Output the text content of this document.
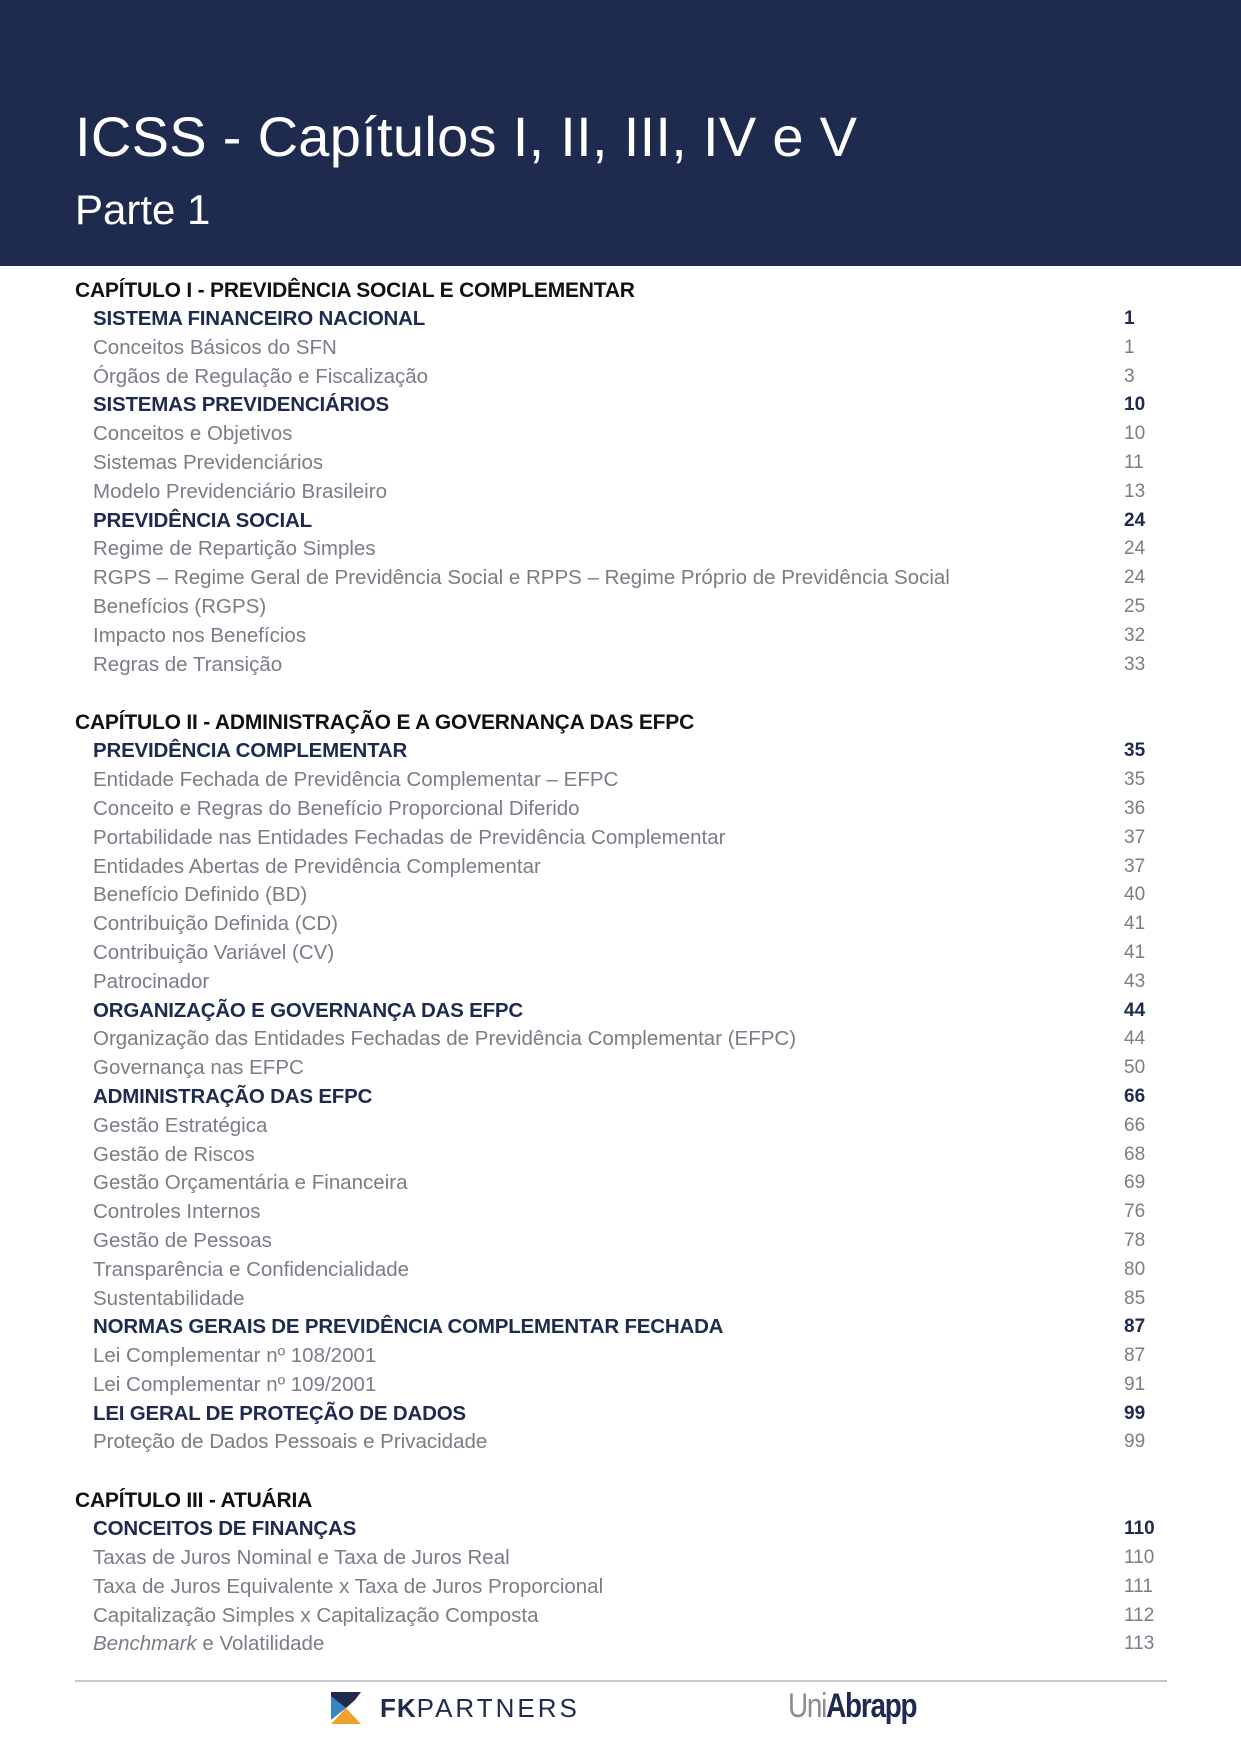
ICSS - Capítulos I, II, III, IV e V
Parte 1
CAPÍTULO I - PREVIDÊNCIA SOCIAL E COMPLEMENTAR
SISTEMA FINANCEIRO NACIONAL	1
Conceitos Básicos do SFN	1
Órgãos de Regulação e Fiscalização	3
SISTEMAS PREVIDENCIÁRIOS	10
Conceitos e Objetivos	10
Sistemas Previdenciários	11
Modelo Previdenciário Brasileiro	13
PREVIDÊNCIA SOCIAL	24
Regime de Repartição Simples	24
RGPS – Regime Geral de Previdência Social e RPPS – Regime Próprio de Previdência Social	24
Benefícios (RGPS)	25
Impacto nos Benefícios	32
Regras de Transição	33
CAPÍTULO II - ADMINISTRAÇÃO E A GOVERNANÇA DAS EFPC
PREVIDÊNCIA COMPLEMENTAR	35
Entidade Fechada de Previdência Complementar – EFPC	35
Conceito e Regras do Benefício Proporcional Diferido	36
Portabilidade nas Entidades Fechadas de Previdência Complementar	37
Entidades Abertas de Previdência Complementar	37
Benefício Definido (BD)	40
Contribuição Definida (CD)	41
Contribuição Variável (CV)	41
Patrocinador	43
ORGANIZAÇÃO E GOVERNANÇA DAS EFPC	44
Organização das Entidades Fechadas de Previdência Complementar (EFPC)	44
Governança nas EFPC	50
ADMINISTRAÇÃO DAS EFPC	66
Gestão Estratégica	66
Gestão de Riscos	68
Gestão Orçamentária e Financeira	69
Controles Internos	76
Gestão de Pessoas	78
Transparência e Confidencialidade	80
Sustentabilidade	85
NORMAS GERAIS DE PREVIDÊNCIA COMPLEMENTAR FECHADA	87
Lei Complementar nº 108/2001	87
Lei Complementar nº 109/2001	91
LEI GERAL DE PROTEÇÃO DE DADOS	99
Proteção de Dados Pessoais e Privacidade	99
CAPÍTULO III - ATUÁRIA
CONCEITOS DE FINANÇAS	110
Taxas de Juros Nominal e Taxa de Juros Real	110
Taxa de Juros Equivalente x Taxa de Juros Proporcional	111
Capitalização Simples x Capitalização Composta	112
Benchmark e Volatilidade	113
FKPARTNERS	UniAbrapp
